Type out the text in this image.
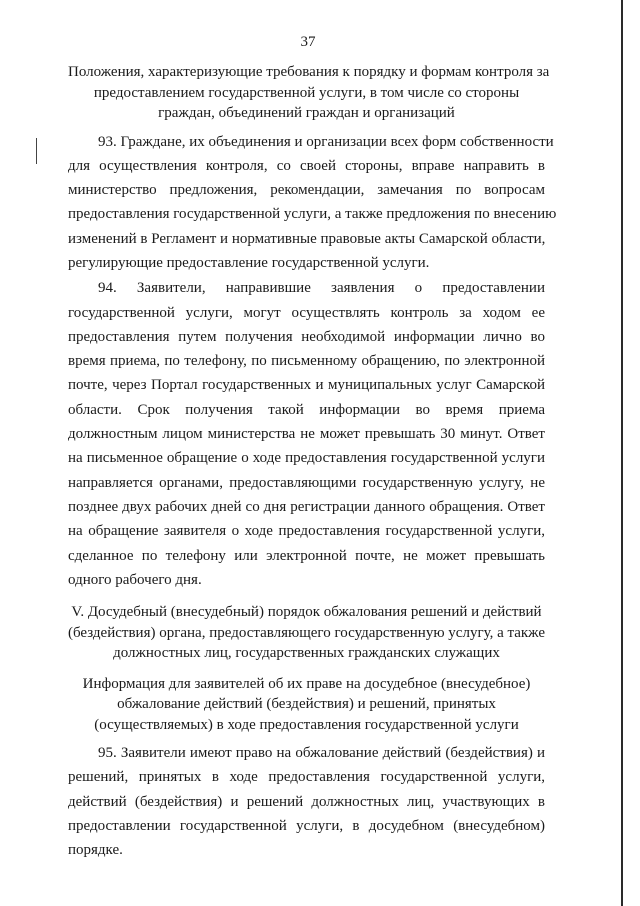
37
Положения, характеризующие требования к порядку и формам контроля за
предоставлением государственной услуги, в том числе со стороны
граждан, объединений граждан и организаций
93. Граждане, их объединения и организации всех форм собственности
для осуществления контроля, со своей стороны, вправе направить в
министерство предложения, рекомендации, замечания по вопросам
предоставления государственной услуги, а также предложения по внесению
изменений в Регламент и нормативные правовые акты Самарской области,
регулирующие предоставление государственной услуги.
94. Заявители, направившие заявления о предоставлении
государственной услуги, могут осуществлять контроль за ходом ее
предоставления путем получения необходимой информации лично во
время приема, по телефону, по письменному обращению, по электронной
почте, через Портал государственных и муниципальных услуг Самарской
области. Срок получения такой информации во время приема
должностным лицом министерства не может превышать 30 минут. Ответ
на письменное обращение о ходе предоставления государственной услуги
направляется органами, предоставляющими государственную услугу, не
позднее двух рабочих дней со дня регистрации данного обращения. Ответ
на обращение заявителя о ходе предоставления государственной услуги,
сделанное по телефону или электронной почте, не может превышать
одного рабочего дня.
V. Досудебный (внесудебный) порядок обжалования решений и действий
(бездействия) органа, предоставляющего государственную услугу, а также
должностных лиц, государственных гражданских служащих
Информация для заявителей об их праве на досудебное (внесудебное)
обжалование действий (бездействия) и решений, принятых
(осуществляемых) в ходе предоставления государственной услуги
95. Заявители имеют право на обжалование действий (бездействия) и
решений, принятых в ходе предоставления государственной услуги,
действий (бездействия) и решений должностных лиц, участвующих в
предоставлении государственной услуги, в досудебном (внесудебном)
порядке.
